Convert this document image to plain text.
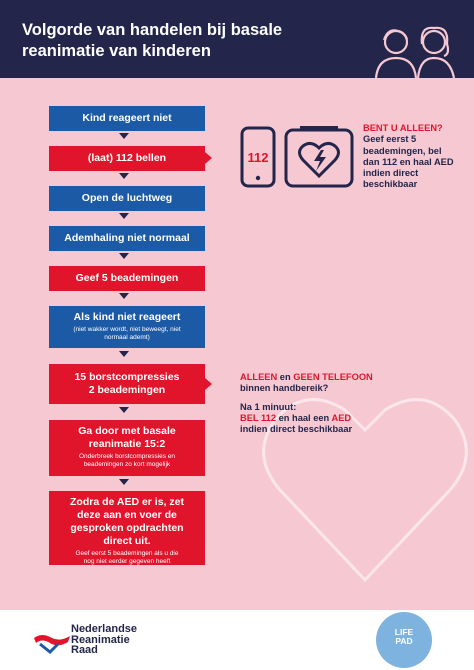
Volgorde van handelen bij basale reanimatie van kinderen
Kind reageert niet
(laat) 112 bellen
Open de luchtweg
Ademhaling niet normaal
Geef 5 beademingen
Als kind niet reageert
(niet wakker wordt, niet beweegt, niet normaal ademt)
15 borstcompressies 2 beademingen
Ga door met basale reanimatie 15:2
Onderbreek borstcompressies en beademingen zo kort mogelijk
Zodra de AED er is, zet deze aan en voer de gesproken opdrachten direct uit.
Geef eerst 5 beademingen als u die nog niet eerder gegeven heeft
112
BENT U ALLEEN?
Geef eerst 5 beademingen, bel dan 112 en haal AED indien direct beschikbaar
ALLEEN en GEEN TELEFOON
binnen handbereik?
Na 1 minuut:
BEL 112 en haal een AED
indien direct beschikbaar
Nederlandse
Reanimatie
Raad
LIFE
PAD
